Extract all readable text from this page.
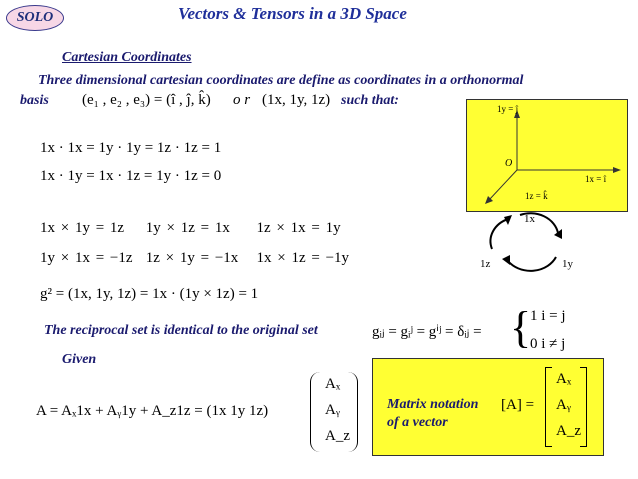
SOLO	Vectors & Tensors in a 3D Space
Cartesian Coordinates
Three dimensional cartesian coordinates are define as coordinates in a orthonormal
basis (e₁ , e₂ , e₃) = (î , ĵ, k̂) o r (1x, 1y, 1z) such that:
1y = ĵ
O
1x = î
1z = k̂
1x · 1x = 1y · 1y = 1z · 1z = 1
1x · 1y = 1x · 1z = 1y · 1z = 0
1x × 1y = 1z 1y × 1z = 1x 1z × 1x = 1y
1y × 1x = −1z 1z × 1y = −1x 1x × 1z = −1y
1x
1z	1y
g² = (1x, 1y, 1z) = 1x · (1y × 1z) = 1
The reciprocal set is identical to the original set	gᵢⱼ = gᵢʲ = gⁱʲ = δᵢⱼ = {
1 i = j
0 i ≠ j
Given
A = Aₓ1x + Aᵧ1y + A_z1z = (1x 1y 1z)
Aₓ
Aᵧ
A_z
Matrix notation
of a vector
[A] =
Aₓ
Aᵧ
A_z
